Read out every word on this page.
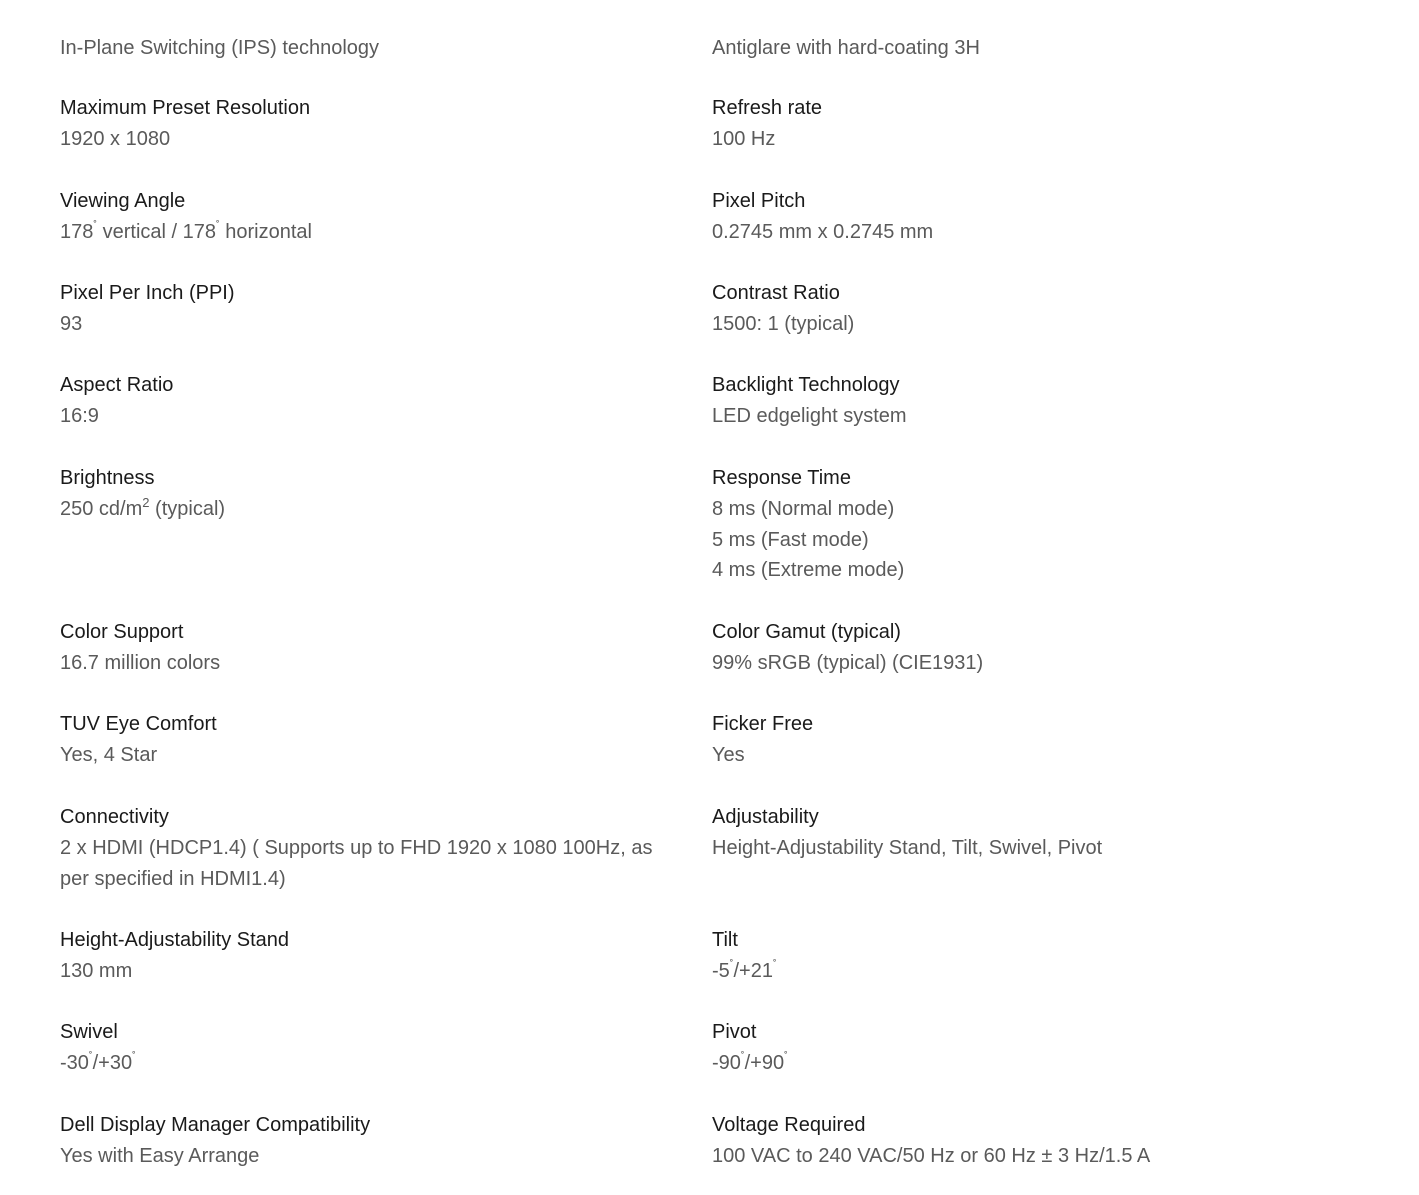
In-Plane Switching (IPS) technology	Antiglare with hard-coating 3H
Maximum Preset Resolution
1920 x 1080
Refresh rate
100 Hz
Viewing Angle
178˚ vertical / 178˚ horizontal
Pixel Pitch
0.2745 mm x 0.2745 mm
Pixel Per Inch (PPI)
93
Contrast Ratio
1500: 1 (typical)
Aspect Ratio
16:9
Backlight Technology
LED edgelight system
Brightness
250 $cd/m^2$ (typical)
Response Time
8 ms (Normal mode)
5 ms (Fast mode)
4 ms (Extreme mode)
Color Support
16.7 million colors
Color Gamut (typical)
99% sRGB (typical) (CIE1931)
TUV Eye Comfort
Yes, 4 Star
Ficker Free
Yes
Connectivity
2 x HDMI (HDCP1.4) ( Supports up to FHD 1920 x 1080 100Hz, as per specified in HDMI1.4)
Adjustability
Height-Adjustability Stand, Tilt, Swivel, Pivot
Height-Adjustability Stand
130 mm
Tilt
-5˚/+21˚
Swivel
-30˚/+30˚
Pivot
-90˚/+90˚
Dell Display Manager Compatibility
Yes with Easy Arrange
Voltage Required
100 VAC to 240 VAC/50 Hz or 60 Hz ± 3 Hz/1.5 A
